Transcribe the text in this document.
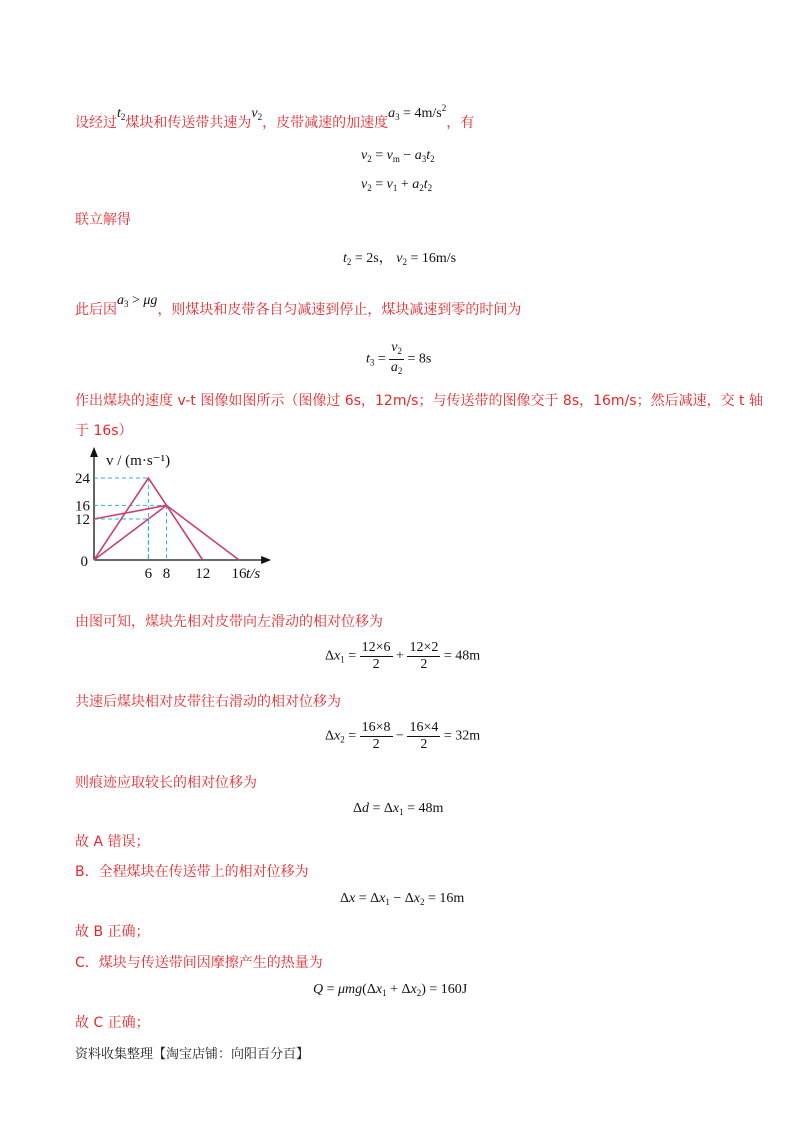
设经过$t_2$煤块和传送带共速为$v_2$，皮带减速的加速度$a_3 = 4m/s^2$，有
$v_2 = v_m - a_3t_2$
$v_2 = v_1 + a_2t_2$
联立解得
$t_2 = 2s$， $v_2 = 16m/s$
此后因$a_3 > \mu g$，则煤块和皮带各自匀减速到停止，煤块减速到零的时间为
$t_3 = \frac{v_2}{a_2} = 8s$
作出煤块的速度 v-t 图像如图所示（图像过 6s，12m/s；与传送带的图像交于 8s，16m/s；然后减速，交 t 轴
于 16s）
6 8 12 16
24
16
12
0
t/s
v / (m·s⁻¹)
由图可知，煤块先相对皮带向左滑动的相对位移为
$\Delta x_1 = \frac{12\times 6}{2} + \frac{12\times 2}{2} = 48m$
共速后煤块相对皮带往右滑动的相对位移为
$\Delta x_2 = \frac{16\times 8}{2} - \frac{16\times 4}{2} = 32m$
则痕迹应取较长的相对位移为
$\Delta d = \Delta x_1 = 48m$
故 A 错误；
B．全程煤块在传送带上的相对位移为
$\Delta x = \Delta x_1 - \Delta x_2 = 16m$
故 B 正确；
C．煤块与传送带间因摩擦产生的热量为
$Q = \mu mg(\Delta x_1 + \Delta x_2) = 160J$
故 C 正确；
资料收集整理【淘宝店铺：向阳百分百】
